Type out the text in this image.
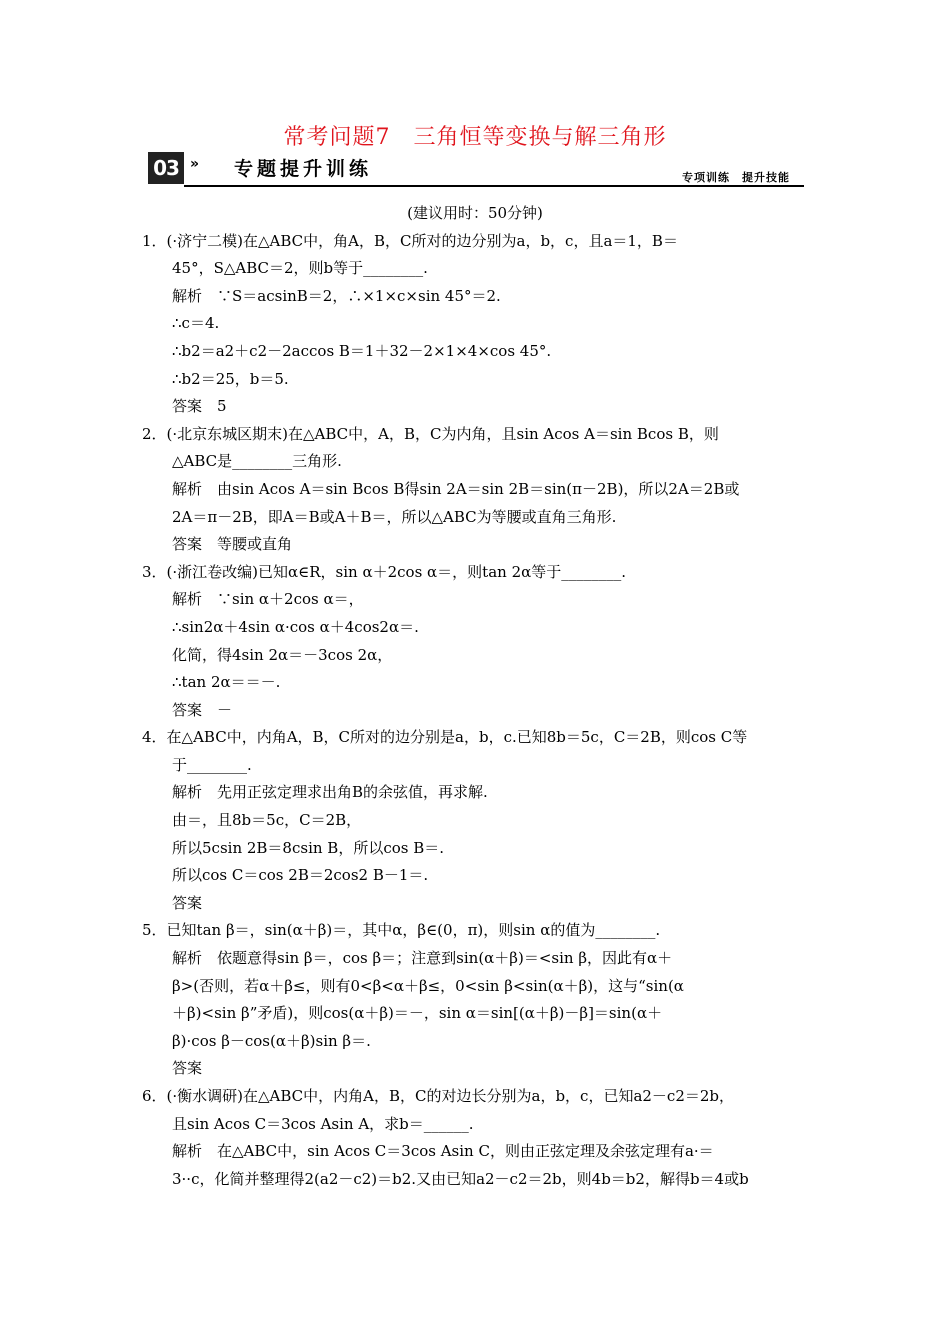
常考问题7　三角恒等变换与解三角形
03 » 专题提升训练	专项训练　提升技能

(建议用时：50分钟)

1．(·济宁二模)在△ABC中，角A，B，C所对的边分别为a，b，c，且a＝1，B＝

45°，S△ABC＝2，则b等于________.

解析　∵S＝acsinB＝2，∴×1×c×sin 45°＝2.

∴c＝4.

∴b2＝a2＋c2－2accos B＝1＋32－2×1×4×cos 45°.

∴b2＝25，b＝5.

答案　5

2．(·北京东城区期末)在△ABC中，A，B，C为内角，且sin Acos A＝sin Bcos B，则

△ABC是________三角形.

解析　由sin Acos A＝sin Bcos B得sin 2A＝sin 2B＝sin(π－2B)，所以2A＝2B或

2A＝π－2B，即A＝B或A＋B＝，所以△ABC为等腰或直角三角形.

答案　等腰或直角

3．(·浙江卷改编)已知α∈R，sin α＋2cos α＝，则tan 2α等于________.

解析　∵sin α＋2cos α＝，

∴sin2α＋4sin α·cos α＋4cos2α＝.

化简，得4sin 2α＝－3cos 2α，

∴tan 2α＝＝－.

答案　－

4．在△ABC中，内角A，B，C所对的边分别是a，b，c.已知8b＝5c，C＝2B，则cos C等

于________.

解析　先用正弦定理求出角B的余弦值，再求解.

由＝，且8b＝5c，C＝2B，

所以5csin 2B＝8csin B，所以cos B＝.

所以cos C＝cos 2B＝2cos2 B－1＝.

答案

5．已知tan β＝，sin(α＋β)＝，其中α，β∈(0，π)，则sin α的值为________.

解析　依题意得sin β＝，cos β＝；注意到sin(α＋β)＝<sin β，因此有α＋

β>(否则，若α＋β≤，则有0<β<α＋β≤，0<sin β<sin(α＋β)，这与“sin(α

＋β)<sin β”矛盾)，则cos(α＋β)＝－，sin α＝sin[(α＋β)－β]＝sin(α＋

β)·cos β－cos(α＋β)sin β＝.

答案

6．(·衡水调研)在△ABC中，内角A，B，C的对边长分别为a，b，c，已知a2－c2＝2b，

且sin Acos C＝3cos Asin A，求b＝______.

解析　在△ABC中，sin Acos C＝3cos Asin C，则由正弦定理及余弦定理有a·＝

3··c，化简并整理得2(a2－c2)＝b2.又由已知a2－c2＝2b，则4b＝b2，解得b＝4或b
